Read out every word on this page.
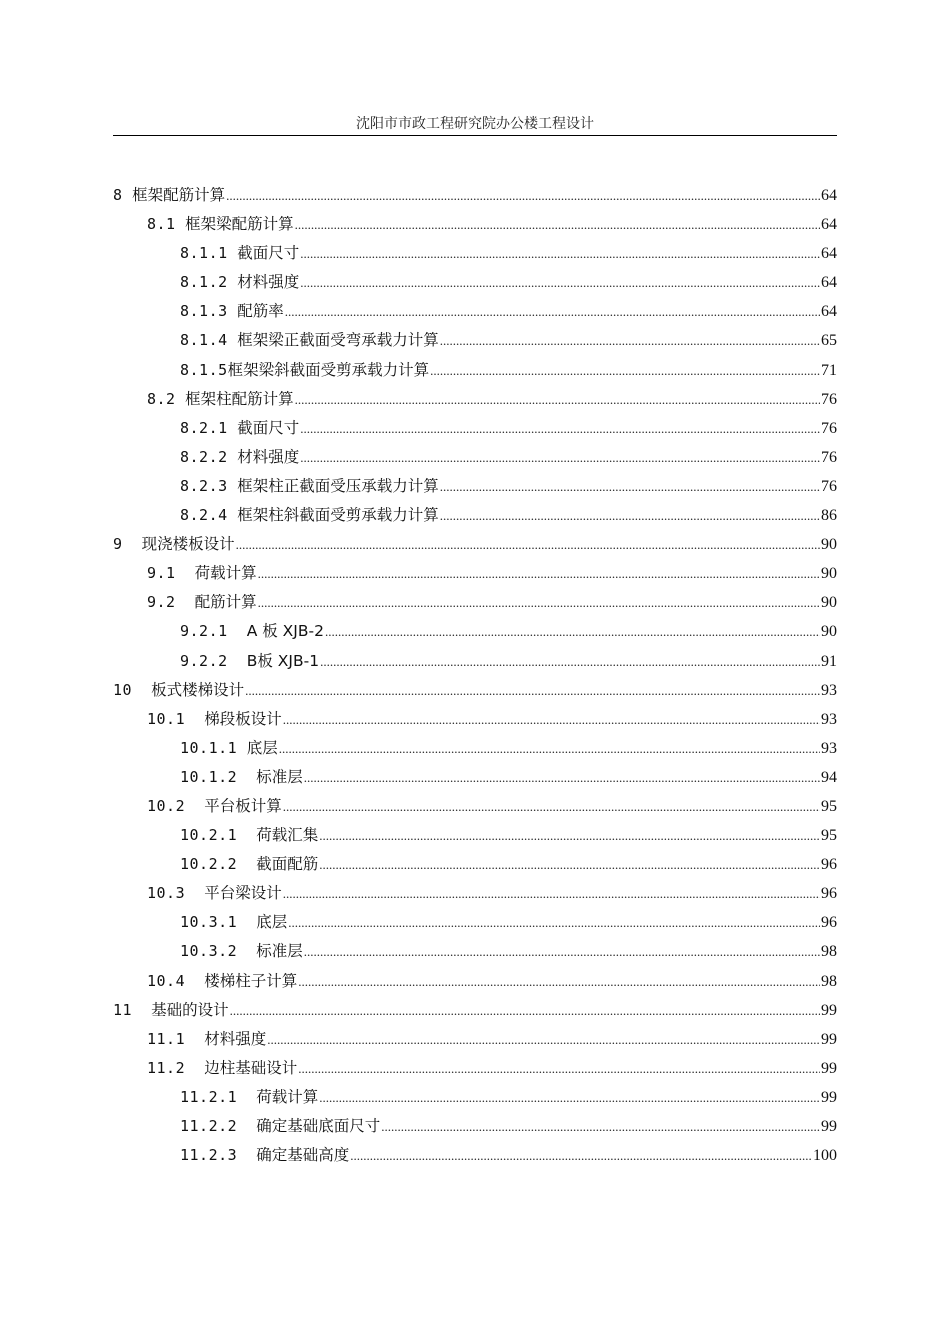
沈阳市市政工程研究院办公楼工程设计
8 框架配筋计算 .....	64
8.1 框架梁配筋计算 .....	64
8.1.1 截面尺寸 .....	64
8.1.2 材料强度 .....	64
8.1.3 配筋率 .....	64
8.1.4 框架梁正截面受弯承载力计算 .....	65
8.1.5 框架梁斜截面受剪承载力计算 .....	71
8.2 框架柱配筋计算 .....	76
8.2.1 截面尺寸 .....	76
8.2.2 材料强度 .....	76
8.2.3 框架柱正截面受压承载力计算 .....	76
8.2.4 框架柱斜截面受剪承载力计算 .....	86
9 现浇楼板设计 .....	90
9.1 荷载计算 .....	90
9.2 配筋计算 .....	90
9.2.1 A 板 XJB-2 .....	90
9.2.2 B板 XJB-1 .....	91
10 板式楼梯设计 .....	93
10.1 梯段板设计 .....	93
10.1.1 底层 .....	93
10.1.2 标准层 .....	94
10.2 平台板计算 .....	95
10.2.1 荷载汇集 .....	95
10.2.2 截面配筋 .....	96
10.3 平台梁设计 .....	96
10.3.1 底层 .....	96
10.3.2 标准层 .....	98
10.4 楼梯柱子计算 .....	98
11 基础的设计 .....	99
11.1 材料强度 .....	99
11.2 边柱基础设计 .....	99
11.2.1 荷载计算 .....	99
11.2.2 确定基础底面尺寸 .....	99
11.2.3 确定基础高度 .....	100
